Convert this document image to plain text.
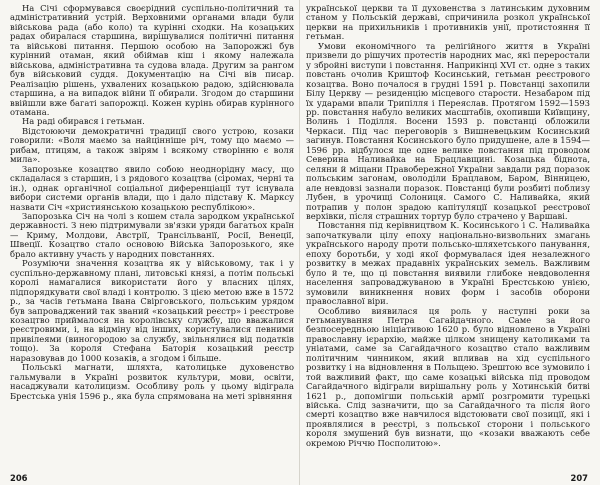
На Січі сформувався своєрідний суспільно-політичний та адміністративний устрій. Верховними органами влади були військова рада (або коло) та курінні сходки. На козацьких радах обиралася старшина, вирішувалися політичні питання та військові питання. Першою особою на Запорожжі був курінний отаман, який обіймав кіш і якому належала військова, адміністративна та судова влада. Другим за рангом був військовий суддя. Документацію на Січі вів писар. Реалізацію рішень, ухвалених козацькою радою, здійснювала старшина, а на випадок війни її обирали. Згодом до старшини ввійшли вже багаті запорожці. Кожен курінь обирав курінного отамана.

На раді обирався і гетьман.

Відстоюючи демократичні традиції свого устрою, козаки говорили: «Воля маємо за найцінніше річ, тому що маємо — рибам, птицям, а також звірям і всякому створінню є воля мила».

Запорозьке козацтво явило собою неоднорідну масу, що складалася з старшин, і з рядового козацтва (сіромах, черні та ін.), однак органічної соціальної диференціації тут існувала вибори системи органів влади, що і дало підставу К. Марксу назвати Січ «християнською козацькою республікою».

Запорозька Січ на чолі з кошем стала зародком української державності. З нею підтримували зв'язки уряди багатьох країн — Криму, Молдови, Австрії, Трансільванії, Росії, Венеції, Швеції. Козацтво стало основою Війська Запорозького, яке брало активну участь у народних повстаннях.

Розуміючи значення козацтва як у військовому, так і у суспільно-державному плані, литовські князі, а потім польські королі намагалися використати його у власних цілях, підпорядкувати свої владі і контролю. З цією метою вже в 1572 р., за часів гетьмана Івана Свірговського, польським урядом був запроваджений так званий «козацький реєстр» і реєстрове козацтво приймалося на королівську службу, що вважалися реєстровими, і, на відміну від інших, користувалися певними привілеями (виногородою за службу, звільнялися від податків тощо). За короля Стефана Баторія козацький реєстр наразовував до 1000 козаків, а згодом і більше.

Польські магнати, шляхта, католицьке духовенство гальмували в Україні розвиток культури, мови, освіти, насаджували католицизм. Особливу роль у цьому відіграла Брестська унія 1596 р., яка була спрямована на меті зрівняння

206

української церкви та її духовенства з латинським духовним станом у Польській державі, спричинила розкол української церкви на прихильників і противників унії, протистояння її гетьман.

Умови економічного та релігійного життя в Україні призвели до рішучих протестів народних мас, які переростали у збройні виступи і повстання. Наприкінці XVI ст. одне з таких повстань очолив Криштоф Косинський, гетьман реєстрового козацтва. Воно почалося в грудні 1591 р. Повстанці захопили Білу Церкву — резиденцію місцевого старости. Незабаром під їх ударами впали Трипілля і Переяслав. Протягом 1592—1593 рр. повстання набуло великих масштабів, охопивши Київщину, Волинь і Поділля. Восени 1593 р. повстанці обложили Черкаси. Під час переговорів з Вишневецьким Косинський загинув. Повстання Косинського було придушене, але в 1594—1596 рр. відбулося ще одне велике повстання під проводом Северина Наливайка на Брацлавщині. Козацька біднота, селяни й міщани Правобережної України завдали ряд поразок польським загонам, оволоділи Брацлавом, Баром, Вінницею, але невдовзі зазнали поразок. Повстанці були розбиті поблизу Лубен, в урочищі Солониця. Самого С. Наливайка, який потрапив у полон зрадою капітуляції козацької реєстрової верхівки, після страшних тортур було страчено у Варшаві.

Повстання під керівництвом К. Косинського і С. Наливайка започаткували цілу епоху національно-визвольних змагань українського народу проти польсько-шляхетського панування, епоху боротьби, у ході якої формувалася ідея незалежного розвитку в межах прадавніх українських земель. Важливим було й те, що ці повстання виявили глибоке невдоволення населення запроваджуваною в Україні Брестською унією, зумовили виникнення нових форм і засобів оборони православної віри.

Особливо виявилася ця роль у наступні роки за гетьманування Петра Сагайдачного. Саме за його безпосередньою ініціативою 1620 р. було відновлено в Україні православну ієрархію, майже цілком знищену католиками та уніатами, саме за Сагайдачного козацтво стало важливим політичним чинником, який впливав на хід суспільного розвитку і на відновлення в Польщею. Зрештою все зумовило і той важливий факт, що саме козацькі війська під проводом Сагайдачного відіграли вирішальну роль у Хотинській битві 1621 р., допомігши польській армії розгромити турецькі війська. Слід зазначити, що за Сагайдачного та після його смерті козацтво вже навчилося відстоювати свої позиції, які і проявлялися в реєстрі, з польської сторони і польського короля змушений був визнати, що «козаки вважають себе окремою Річчю Посполитою».

207
